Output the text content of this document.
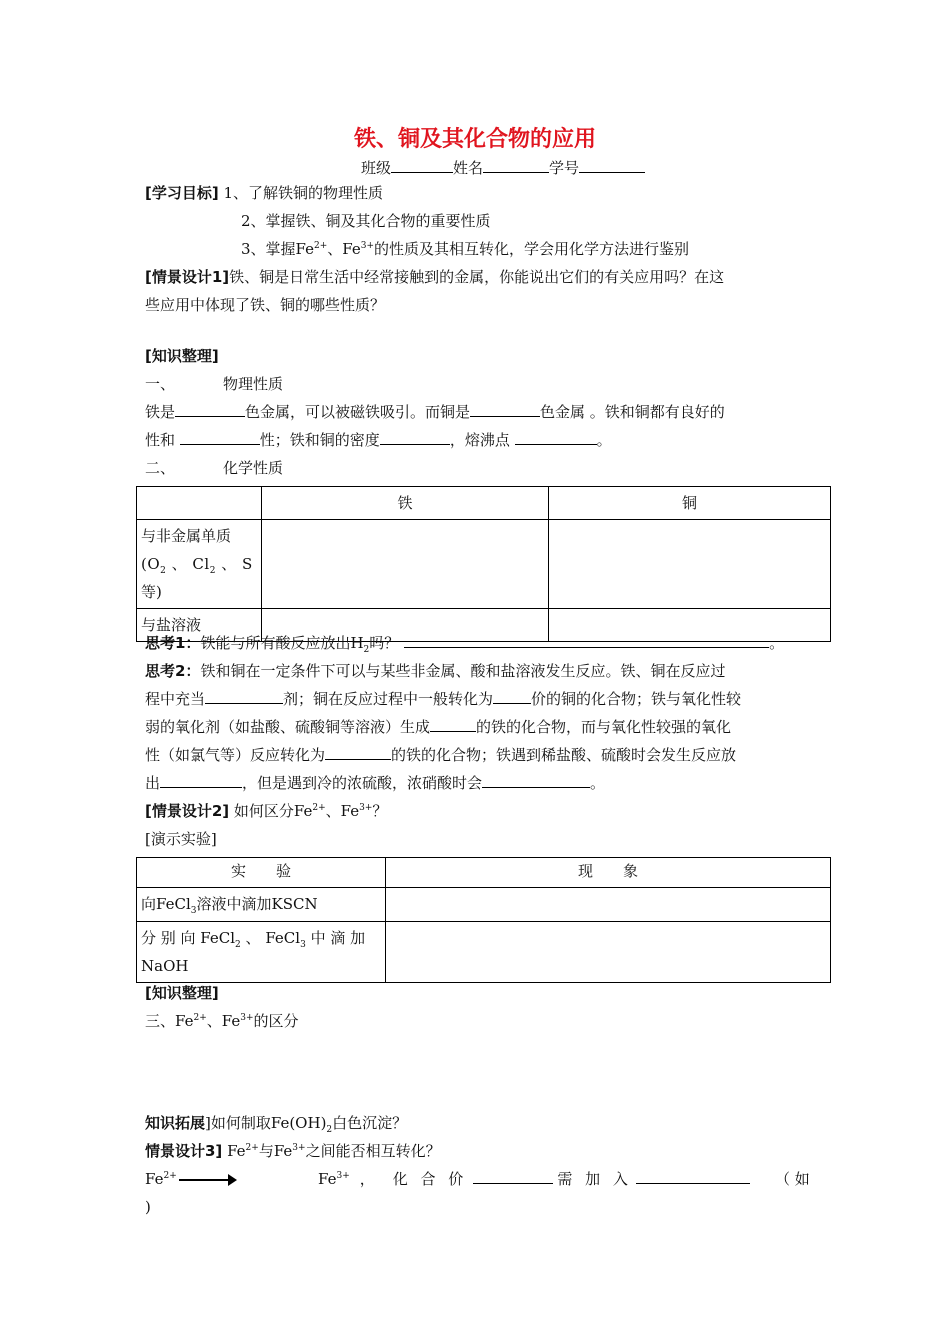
铁、铜及其化合物的应用
班级	姓名	学号
[学习目标] 1、了解铁铜的物理性质
2、掌握铁、铜及其化合物的重要性质
3、掌握$Fe^{2+}$、$Fe^{3+}$的性质及其相互转化，学会用化学方法进行鉴别
[情景设计1]铁、铜是日常生活中经常接触到的金属，你能说出它们的有关应用吗？在这
些应用中体现了铁、铜的哪些性质？
[知识整理]
一、	物理性质
铁是	色金属，可以被磁铁吸引。而铜是	色金属 。铁和铜都有良好的
性和	性；铁和铜的密度	，熔沸点	。
二、	化学性质
	铁	铜

与非金属单质
($O_2$ 、 $Cl_2$ 、 S
等)		

与盐溶液		
思考1：铁能与所有酸反应放出$H_2$吗？	。
思考2：铁和铜在一定条件下可以与某些非金属、酸和盐溶液发生反应。铁、铜在反应过
程中充当	剂；铜在反应过程中一般转化为	价的铜的化合物；铁与氧化性较
弱的氧化剂（如盐酸、硫酸铜等溶液）生成	的铁的化合物，而与氧化性较强的氧化
性（如氯气等）反应转化为	的铁的化合物；铁遇到稀盐酸、硫酸时会发生反应放
出	，但是遇到冷的浓硫酸，浓硝酸时会	。
[情景设计2] 如何区分$Fe^{2+}$、$Fe^{3+}$？
[演示实验]
实　　验	现　　象
向FeCl$_3$溶液中滴加KSCN	

分 别 向 FeCl$_2$ 、 FeCl$_3$ 中 滴 加
NaOH	

[知识整理]
三、$Fe^{2+}$、$Fe^{3+}$的区分
知识拓展]如何制取$Fe(OH)_2$白色沉淀？
情景设计3] $Fe^{2+}$与$Fe^{3+}$之间能否相互转化？
$Fe^{2+}$	$Fe^{3+}$ ， 化 合 价	需 加 入	（ 如
)
